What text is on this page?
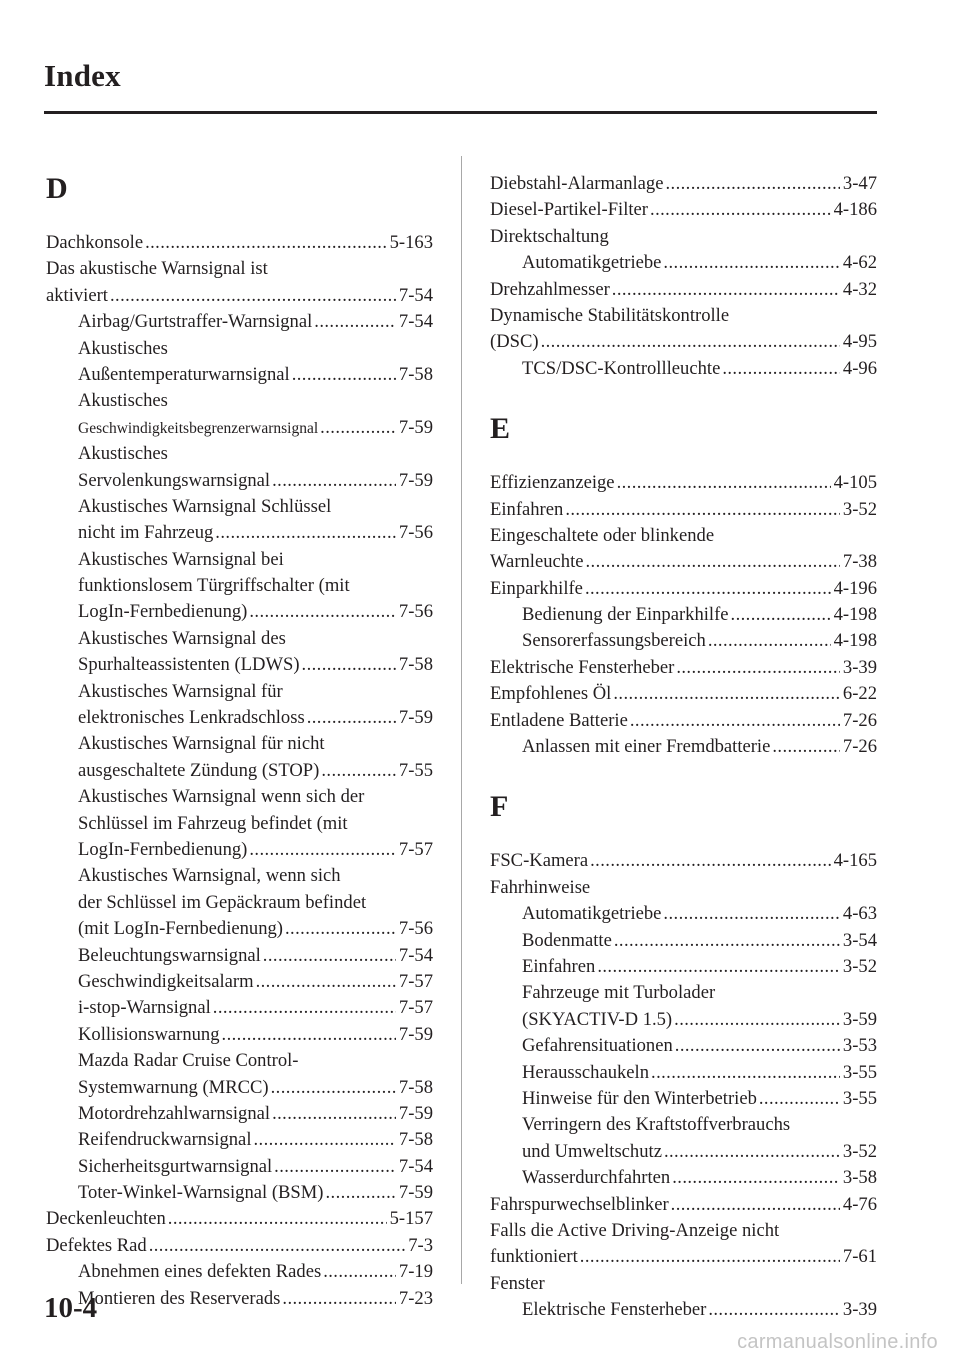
Index
D
Dachkonsole .....	5-163
Das akustische Warnsignal ist
aktiviert .....	7-54
Airbag/Gurtstraffer-Warnsignal .....	7-54
Akustisches
Außentemperaturwarnsignal .....	7-58
Akustisches
Geschwindigkeitsbegrenzerwarnsignal .....	7-59
Akustisches
Servolenkungswarnsignal .....	7-59
Akustisches Warnsignal Schlüssel
nicht im Fahrzeug .....	7-56
Akustisches Warnsignal bei
funktionslosem Türgriffschalter (mit
LogIn-Fernbedienung) .....	7-56
Akustisches Warnsignal des
Spurhalteassistenten (LDWS) .....	7-58
Akustisches Warnsignal für
elektronisches Lenkradschloss .....	7-59
Akustisches Warnsignal für nicht
ausgeschaltete Zündung (STOP) .....	7-55
Akustisches Warnsignal wenn sich der
Schlüssel im Fahrzeug befindet (mit
LogIn-Fernbedienung) .....	7-57
Akustisches Warnsignal, wenn sich
der Schlüssel im Gepäckraum befindet
(mit LogIn-Fernbedienung) .....	7-56
Beleuchtungswarnsignal .....	7-54
Geschwindigkeitsalarm .....	7-57
i-stop-Warnsignal .....	7-57
Kollisionswarnung .....	7-59
Mazda Radar Cruise Control-
Systemwarnung (MRCC) .....	7-58
Motordrehzahlwarnsignal .....	7-59
Reifendruckwarnsignal .....	7-58
Sicherheitsgurtwarnsignal .....	7-54
Toter-Winkel-Warnsignal (BSM) .....	7-59
Deckenleuchten .....	5-157
Defektes Rad .....	7-3
Abnehmen eines defekten Rades .....	7-19
Montieren des Reserverads .....	7-23
Diebstahl-Alarmanlage .....	3-47
Diesel-Partikel-Filter .....	4-186
Direktschaltung
Automatikgetriebe .....	4-62
Drehzahlmesser .....	4-32
Dynamische Stabilitätskontrolle
(DSC) .....	4-95
TCS/DSC-Kontrollleuchte .....	4-96
E
Effizienzanzeige .....	4-105
Einfahren .....	3-52
Eingeschaltete oder blinkende
Warnleuchte .....	7-38
Einparkhilfe .....	4-196
Bedienung der Einparkhilfe .....	4-198
Sensorerfassungsbereich .....	4-198
Elektrische Fensterheber .....	3-39
Empfohlenes Öl .....	6-22
Entladene Batterie .....	7-26
Anlassen mit einer Fremdbatterie .....	7-26
F
FSC-Kamera .....	4-165
Fahrhinweise
Automatikgetriebe .....	4-63
Bodenmatte .....	3-54
Einfahren .....	3-52
Fahrzeuge mit Turbolader
(SKYACTIV-D 1.5) .....	3-59
Gefahrensituationen .....	3-53
Herausschaukeln .....	3-55
Hinweise für den Winterbetrieb .....	3-55
Verringern des Kraftstoffverbrauchs
und Umweltschutz .....	3-52
Wasserdurchfahrten .....	3-58
Fahrspurwechselblinker .....	4-76
Falls die Active Driving-Anzeige nicht
funktioniert .....	7-61
Fenster
Elektrische Fensterheber .....	3-39
10-4
carmanualsonline.info
